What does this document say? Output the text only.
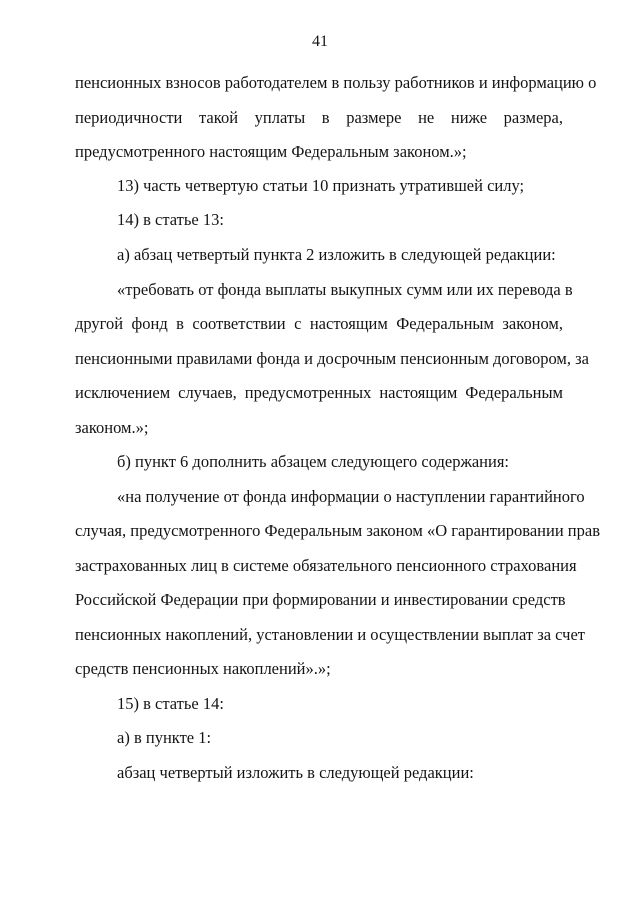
41
пенсионных взносов работодателем в пользу работников и информацию о
периодичности такой уплаты в размере не ниже размера,
предусмотренного настоящим Федеральным законом.»;
13) часть четвертую статьи 10 признать утратившей силу;
14) в статье 13:
а) абзац четвертый пункта 2 изложить в следующей редакции:
«требовать от фонда выплаты выкупных сумм или их перевода в
другой фонд в соответствии с настоящим Федеральным законом,
пенсионными правилами фонда и досрочным пенсионным договором, за
исключением случаев, предусмотренных настоящим Федеральным
законом.»;
б) пункт 6 дополнить абзацем следующего содержания:
«на получение от фонда информации о наступлении гарантийного
случая, предусмотренного Федеральным законом «О гарантировании прав
застрахованных лиц в системе обязательного пенсионного страхования
Российской Федерации при формировании и инвестировании средств
пенсионных накоплений, установлении и осуществлении выплат за счет
средств пенсионных накоплений».»;
15) в статье 14:
а) в пункте 1:
абзац четвертый изложить в следующей редакции:
